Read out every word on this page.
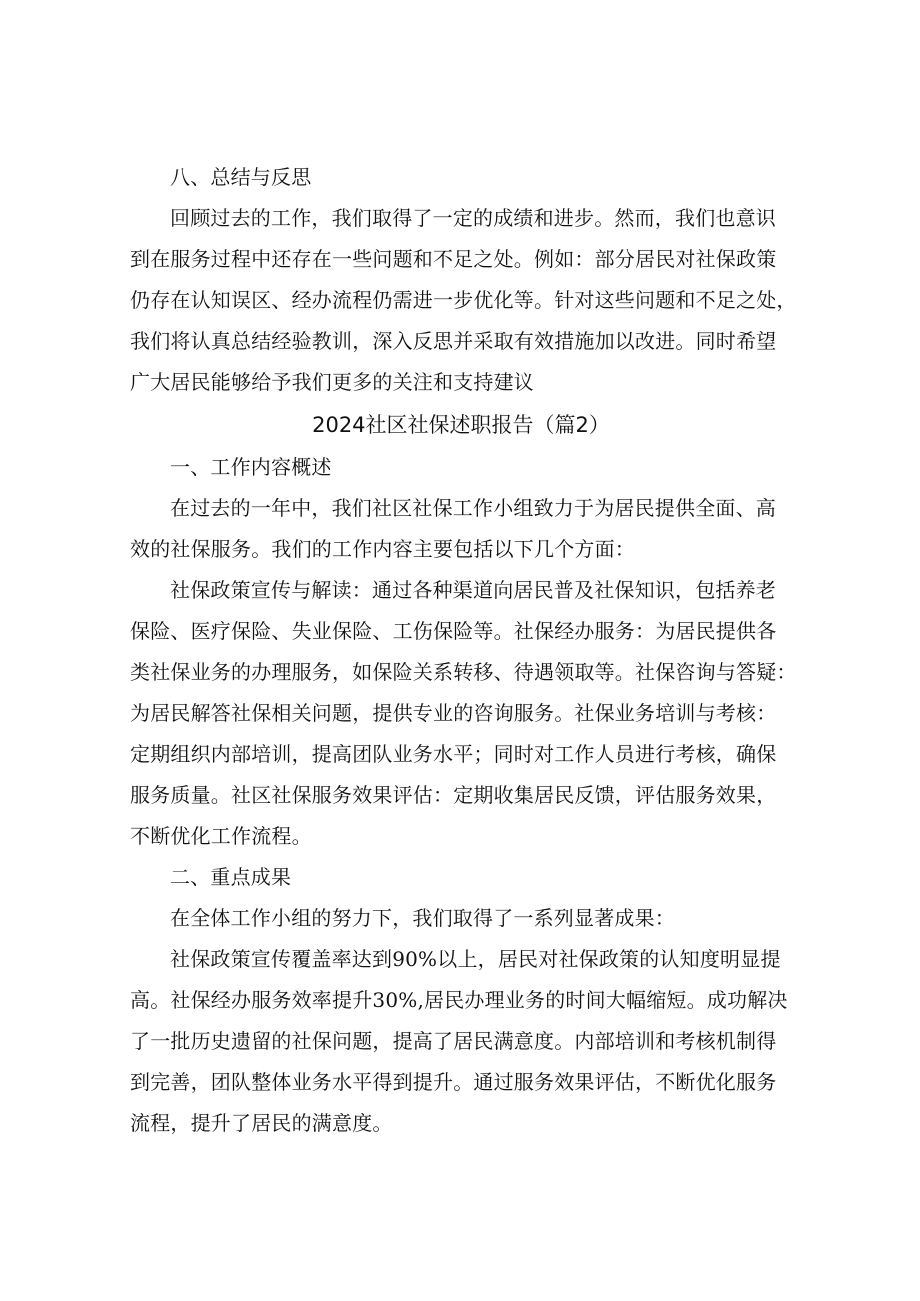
八、总结与反思
回顾过去的工作，我们取得了一定的成绩和进步。然而，我们也意识
到在服务过程中还存在一些问题和不足之处。例如：部分居民对社保政策
仍存在认知误区、经办流程仍需进一步优化等。针对这些问题和不足之处，
我们将认真总结经验教训，深入反思并采取有效措施加以改进。同时希望
广大居民能够给予我们更多的关注和支持建议
2024社区社保述职报告（篇2）
一、工作内容概述
在过去的一年中，我们社区社保工作小组致力于为居民提供全面、高
效的社保服务。我们的工作内容主要包括以下几个方面：
社保政策宣传与解读：通过各种渠道向居民普及社保知识，包括养老
保险、医疗保险、失业保险、工伤保险等。社保经办服务：为居民提供各
类社保业务的办理服务，如保险关系转移、待遇领取等。社保咨询与答疑：
为居民解答社保相关问题，提供专业的咨询服务。社保业务培训与考核：
定期组织内部培训，提高团队业务水平；同时对工作人员进行考核，确保
服务质量。社区社保服务效果评估：定期收集居民反馈，评估服务效果，
不断优化工作流程。
二、重点成果
在全体工作小组的努力下，我们取得了一系列显著成果：
社保政策宣传覆盖率达到90%以上，居民对社保政策的认知度明显提
高。社保经办服务效率提升30%,居民办理业务的时间大幅缩短。成功解决
了一批历史遗留的社保问题，提高了居民满意度。内部培训和考核机制得
到完善，团队整体业务水平得到提升。通过服务效果评估，不断优化服务
流程，提升了居民的满意度。
